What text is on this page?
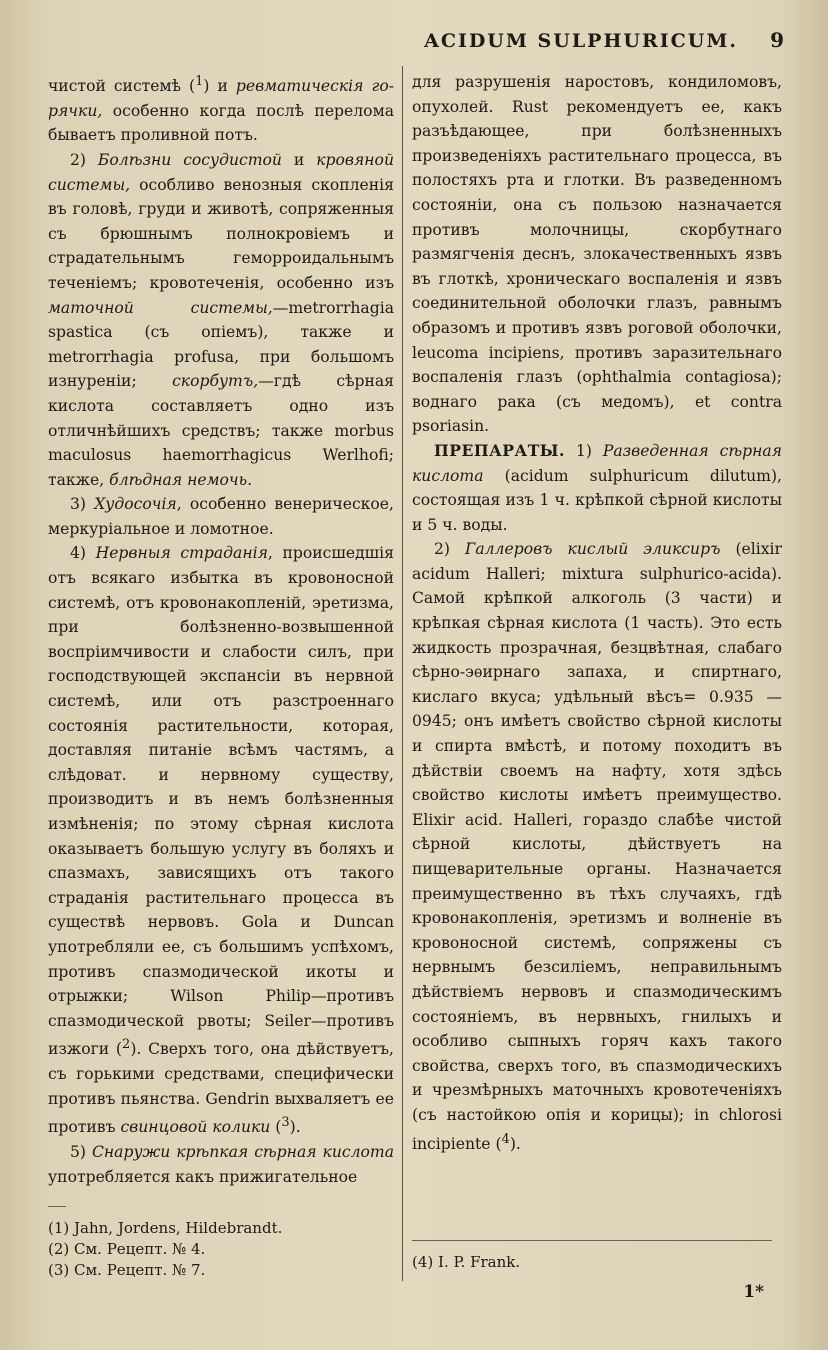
ACIDUM SULPHURICUM. 9

чистой системѣ ($^1$) и ревматическія го-рячки, особенно когда послѣ перелома бываетъ проливной потъ.

2) Болѣзни сосудистой и кровяной системы, особливо венозныя скопленія въ головѣ, груди и животѣ, сопряженныя съ брюшнымъ полнокровіемъ и страдательнымъ геморроидальнымъ теченіемъ; кровотеченія, особенно изъ маточной системы,—metrorrhagia spastica (съ опіемъ), также и metrorrhagia profusa, при большомъ изнуреніи; скорбутъ,—гдѣ сѣрная кислота составляетъ одно изъ отличнѣйшихъ средствъ; также morbus maculosus haemorrhagicus Werlhofi; также, блѣдная немочь.

3) Худосочія, особенно венерическое, меркуріальное и ломотное.

4) Нервныя страданія, происшедшія отъ всякаго избытка въ кровоносной системѣ, отъ кровонакопленій, эретизма, при болѣзненно-возвышенной воспріимчивости и слабости силъ, при господствующей экспансіи въ нервной системѣ, или отъ разстроеннаго состоянія растительности, которая, доставляя питаніе всѣмъ частямъ, а слѣдоват. и нервному существу, производитъ и въ немъ болѣзненныя измѣненія; по этому сѣрная кислота оказываетъ большую услугу въ боляхъ и спазмахъ, зависящихъ отъ такого страданія растительнаго процесса въ существѣ нервовъ. Gola и Duncan употребляли ее, съ большимъ успѣхомъ, противъ спазмодической икоты и отрыжки; Wilson Philip—противъ спазмодической рвоты; Seiler—противъ изжоги ($^2$). Сверхъ того, она дѣйствуетъ, съ горькими средствами, специфически противъ пьянства. Gendrin выхваляетъ ее противъ свинцовой колики ($^3$).

5) Снаружи крѣпкая сѣрная кислота употребляется какъ прижигательное

для разрушенія наростовъ, кондиломовъ, опухолей. Rust рекомендуетъ ее, какъ разъѣдающее, при болѣзненныхъ произведеніяхъ растительнаго процесса, въ полостяхъ рта и глотки. Въ разведенномъ состояніи, она съ пользою назначается противъ молочницы, скорбутнаго размягченія деснъ, злокачественныхъ язвъ въ глоткѣ, хроническаго воспаленія и язвъ соединительной оболочки глазъ, равнымъ образомъ и противъ язвъ роговой оболочки, leucoma incipiens, противъ заразительнаго воспаленія глазъ (ophthalmia contagiosa); воднаго рака (съ медомъ), et contra psoriasin.

ПРЕПАРАТЫ. 1) Разведенная сѣрная кислота (acidum sulphuricum dilutum), состоящая изъ 1 ч. крѣпкой сѣрной кислоты и 5 ч. воды.

2) Галлеровъ кислый эликсиръ (elixir acidum Halleri; mixtura sulphurico-acida). Самой крѣпкой алкоголь (3 части) и крѣпкая сѣрная кислота (1 часть). Это есть жидкость прозрачная, безцвѣтная, слабаго сѣрно-эѳирнаго запаха, и спиртнаго, кислаго вкуса; удѣльный вѣсъ= 0.935 — 0945; онъ имѣетъ свойство сѣрной кислоты и спирта вмѣстѣ, и потому походитъ въ дѣйствіи своемъ на нафту, хотя здѣсь свойство кислоты имѣетъ преимущество. Elixir acid. Halleri, гораздо слабѣе чистой сѣрной кислоты, дѣйствуетъ на пищеварительные органы. Назначается преимущественно въ тѣхъ случаяхъ, гдѣ кровонакопленія, эретизмъ и волненіе въ кровоносной системѣ, сопряжены съ нервнымъ безсиліемъ, неправильнымъ дѣйствіемъ нервовъ и спазмодическимъ состояніемъ, въ нервныхъ, гнилыхъ и особливо сыпныхъ горяч кахъ такого свойства, сверхъ того, въ спазмодическихъ и чрезмѣрныхъ маточныхъ кровотеченіяхъ (съ настойкою опія и корицы); in chlorosi incipiente ($^4$).

(1) Jahn, Jordens, Hildebrandt.
(2) См. Рецепт. № 4.
(3) См. Рецепт. № 7.	(4) I. P. Frank.
1*
